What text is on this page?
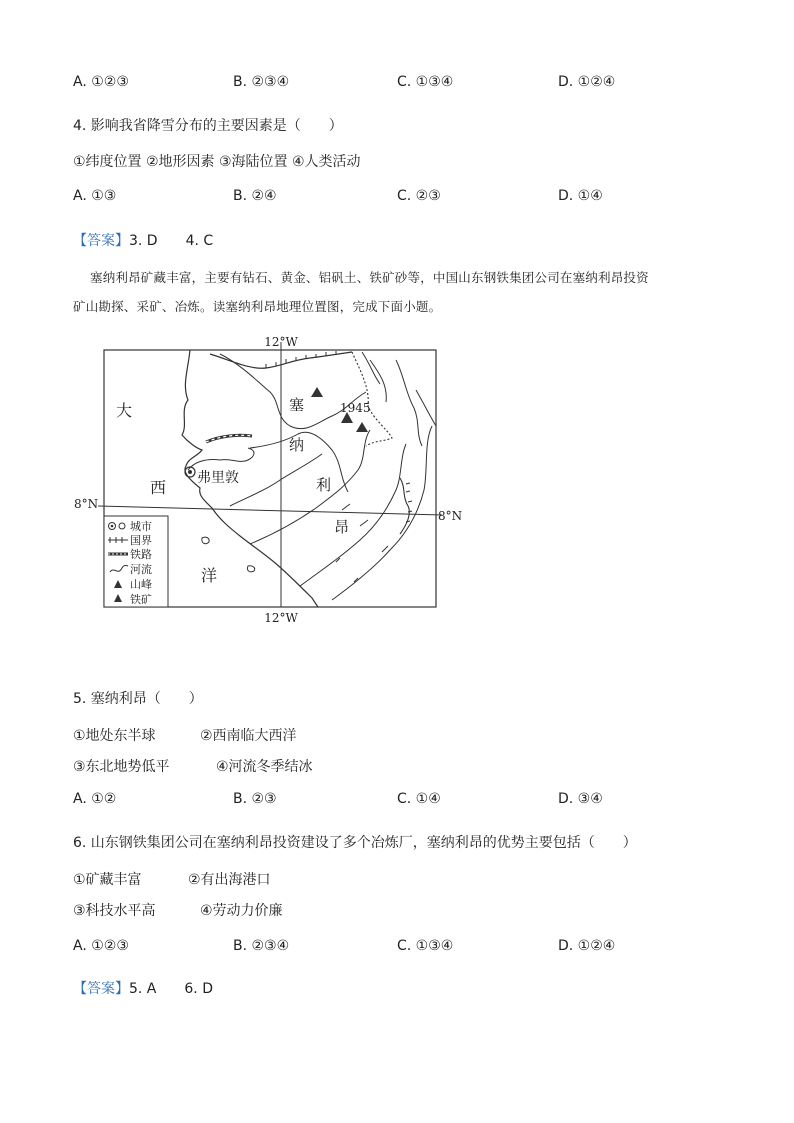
A. ①②③	B. ②③④	C. ①③④	D. ①②④
4. 影响我省降雪分布的主要因素是（　　）
①纬度位置 ②地形因素 ③海陆位置 ④人类活动
A. ①③	B. ②④	C. ②③	D. ①④
【答案】3. D　　4. C
塞纳利昂矿藏丰富，主要有钻石、黄金、铝矾土、铁矿砂等，中国山东钢铁集团公司在塞纳利昂投资
矿山勘探、采矿、冶炼。读塞纳利昂地理位置图，完成下面小题。
12°W
12°W
8°N
8°N
1945
弗里敦
大
西
洋
塞
纳
利
昂
城市
国界
铁路
河流
山峰
铁矿
5. 塞纳利昂（　　）
①地处东半球	②西南临大西洋
③东北地势低平	④河流冬季结冰
A. ①②	B. ②③	C. ①④	D. ③④
6. 山东钢铁集团公司在塞纳利昂投资建设了多个冶炼厂，塞纳利昂的优势主要包括（　　）
①矿藏丰富	②有出海港口
③科技水平高	④劳动力价廉
A. ①②③	B. ②③④	C. ①③④	D. ①②④
【答案】5. A　　6. D
